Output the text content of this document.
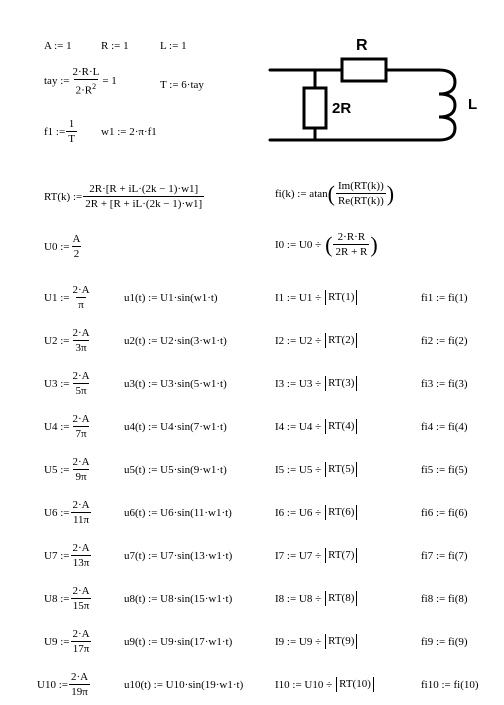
A := 1	R := 1	L := 1
tay := $\frac{2\cdot R\cdot L}{2\cdot R^2} = 1$	T := 6·tay
f1 := $\frac{1}{T} w1$ := 2·π·f1
R
2R	L
RT(k) := $\frac{2R\cdot[R + iL\cdot(2k - 1)\cdot w1]}{2R + [R + iL\cdot(2k - 1)\cdot w1]}$	fi(k) := atan ( $\frac{Im(RT(k))}{Re(RT(k))}$ )
U0 := $\frac{A}{2}$	I0 := U0 ÷ ( $\frac{2\cdot R\cdot R}{2R + R}$ )
U1 := $\frac{2\cdot A}{\pi}$	u1(t) := U1·sin(w1·t)	I1 := U1 ÷ RT(1)	fi1 := fi(1)
U2 := $\frac{2\cdot A}{3\pi}$	u2(t) := U2·sin(3·w1·t)	I2 := U2 ÷ RT(2)	fi2 := fi(2)
U3 := $\frac{2\cdot A}{5\pi}$	u3(t) := U3·sin(5·w1·t)	I3 := U3 ÷ RT(3)	fi3 := fi(3)
U4 := $\frac{2\cdot A}{7\pi}$	u4(t) := U4·sin(7·w1·t)	I4 := U4 ÷ RT(4)	fi4 := fi(4)
U5 := $\frac{2\cdot A}{9\pi}$	u5(t) := U5·sin(9·w1·t)	I5 := U5 ÷ RT(5)	fi5 := fi(5)
U6 := $\frac{2\cdot A}{11\pi}$	u6(t) := U6·sin(11·w1·t)	I6 := U6 ÷ RT(6)	fi6 := fi(6)
U7 := $\frac{2\cdot A}{13\pi}$	u7(t) := U7·sin(13·w1·t)	I7 := U7 ÷ RT(7)	fi7 := fi(7)
U8 := $\frac{2\cdot A}{15\pi}$	u8(t) := U8·sin(15·w1·t)	I8 := U8 ÷ RT(8)	fi8 := fi(8)
U9 := $\frac{2\cdot A}{17\pi}$	u9(t) := U9·sin(17·w1·t)	I9 := U9 ÷ RT(9)	fi9 := fi(9)
U10 := $\frac{2\cdot A}{19\pi}$	u10(t) := U10·sin(19·w1·t)	I10 := U10 ÷ RT(10)	fi10 := fi(10)
